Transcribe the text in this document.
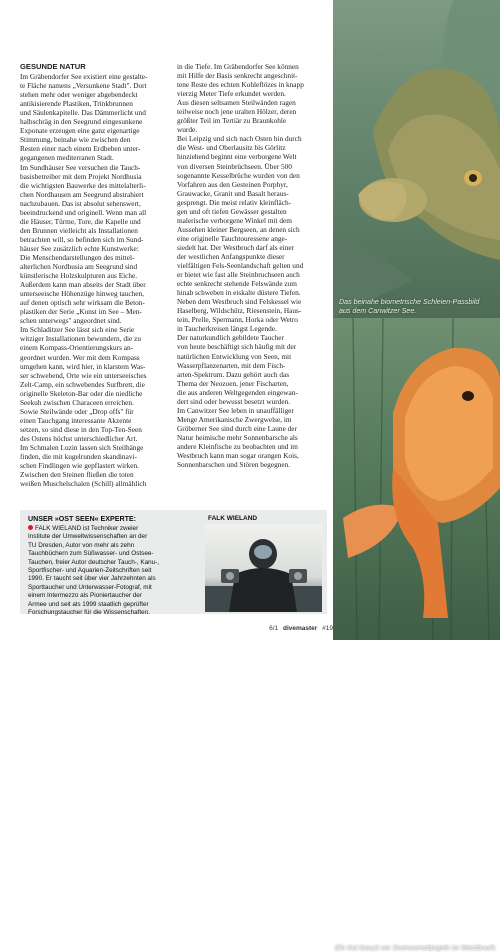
GESUNDE NATUR
Im Gräbendorfer See existiert eine gestalte-
te Fläche namens „Versunkene Stadt". Dort
stehen mehr oder weniger abgebendeckt
antikisierende Plastiken, Trinkbrunnen
und Säulenkapitelle. Das Dämmerlicht und
halbschräg in den Seegrund eingesunkene
Exponate erzeugen eine ganz eigenartige
Stimmung, beinahe wie zwischen den
Resten einer nach einem Erdbeben unter-
gegangenen mediterranen Stadt.
Im Sundhäuser See versuchen die Tauch-
basisbetreiber mit dem Projekt Nordhusia
die wichtigsten Bauwerke des mittelalterli-
chen Nordhausen am Seegrund abstrahiert
nachzubauen. Das ist absolut sehenswert,
beeindruckend und originell. Wenn man all
die Häuser, Türme, Tore, die Kapelle und
den Brunnen vielleicht als Installationen
betrachten will, so befinden sich im Sund-
häuser See zusätzlich echte Kunstwerke:
Die Menschendarstellungen des mittel-
alterlichen Nordhusia am Seegrund sind
künstlerische Holzskulpturen aus Eiche.
Außerdem kann man abseits der Stadt über
unterseeische Höhenzüge hinweg tauchen,
auf denen optisch sehr wirksam die Beton-
plastiken der Serie „Kunst im See – Men-
schen unterwegs" angeordnet sind.
Im Schladitzer See lässt sich eine Serie
witziger Installationen bewundern, die zu
einem Kompass-Orientierungskurs an-
geordnet wurden. Wer mit dem Kompass
umgehen kann, wird hier, in klarstem Was-
ser schwebend, Orte wie ein unterseeisches
Zelt-Camp, ein schwebendes Surfbrett, die
originelle Skeleton-Bar oder die niedliche
Seekuh zwischen Characeen erreichen.
Sowie Steilwände oder „Drop offs" für
einen Tauchgang interessante Akzente
setzen, so sind diese in den Top-Ten-Seen
des Ostens höchst unterschiedlicher Art.
Im Schmalen Luzin lassen sich Steilhänge
finden, die mit kugelrunden skandinavi-
schen Findlingen wie gepflastert wirken.
Zwischen den Steinen fließen die toten
weißen Muschelschalen (Schill) allmählich
in die Tiefe. Im Gräbendorfer See können
mit Hilfe der Basis senkrecht angeschnit-
tene Reste des echten Kohleflözes in knapp
vierzig Meter Tiefe erkundet werden.
Aus diesen seltsamen Steilwänden ragen
teilweise noch jene uralten Hölzer, deren
größter Teil im Tertiär zu Braunkohle
wurde.
Bei Leipzig und sich nach Osten hin durch
die West- und Oberlausitz bis Görlitz
hinziehend beginnt eine verborgene Welt
von diversen Steinbrüchseen. Über 500
sogenannte Kesselbrüche wurden von den
Vorfahren aus den Gesteinen Porphyr,
Grauwacke, Granit und Basalt heraus-
gesprengt. Die meist relativ kleinfläch-
gen und oft tiefen Gewässer gestalten
malerische verborgene Winkel mit dem
Aussehen kleiner Bergseen, an denen sich
eine originelle Tauchtouressene ange-
siedelt hat. Der Westbruch darf als einer
der westlichen Anfangspunkte dieser
vielfältigen Fels-Seenlandschaft gelten und
er bietet wie fast alle Steinbruchseen auch
echte senkrecht stehende Felswände zum
hinab schweben in eiskalte düstere Tiefen.
Neben dem Westbruch sind Felskessel wie
Haselberg, Wildschütz, Riesenstein, Haus-
tein, Prelle, Spermann, Horka oder Wetro
in Taucherkreisen längst Legende.
Der naturkundlich gebildete Taucher
von heute beschäftigt sich häufig mit der
natürlichen Entwicklung von Seen, mit
Wasserpflanzenarten, mit dem Fisch-
arten-Spektrum. Dazu gehört auch das
Thema der Neozoen, jener Fischarten,
die aus anderen Weltgegenden eingewan-
dert sind oder bewusst besetzt wurden.
Im Canwitzer See leben in unauffälliger
Menge Amerikanische Zwergwelse, im
Gröberner See sind durch eine Laune der
Natur heimische mehr Sonnenbarsche als
andere Kleinfische zu beobachten und im
Westbruch kann man sogar orangen Kois,
Sonnenbarschen und Stören begegnen.
Das beinahe biometrische Schleien-Passbild
aus dem Canwitzer See.
Ein Koi kreuzt vor Seerosenstängeln im Westbruch.
UNSER »OST SEEN« EXPERTE:
FALK WIELAND ist Techniker zweier
Institute der Umweltwissenschaften an der
TU Dresden, Autor von mehr als zehn
Tauchbüchern zum Süßwasser- und Ostsee-
Tauchen, freier Autor deutscher Tauch-, Kanu-,
Sportfischer- und Aquarien-Zeitschriften seit
1990. Er taucht seit über vier Jahrzehnten als
Sporttaucher und Unterwasser-Fotograf, mit
einem Intermezzo als Pioniertaucher der
Armee und seit als 1999 staatlich geprüfter
Forschungstaucher für die Wissenschaften.
FALK WIELAND
6/1 divemaster #19
